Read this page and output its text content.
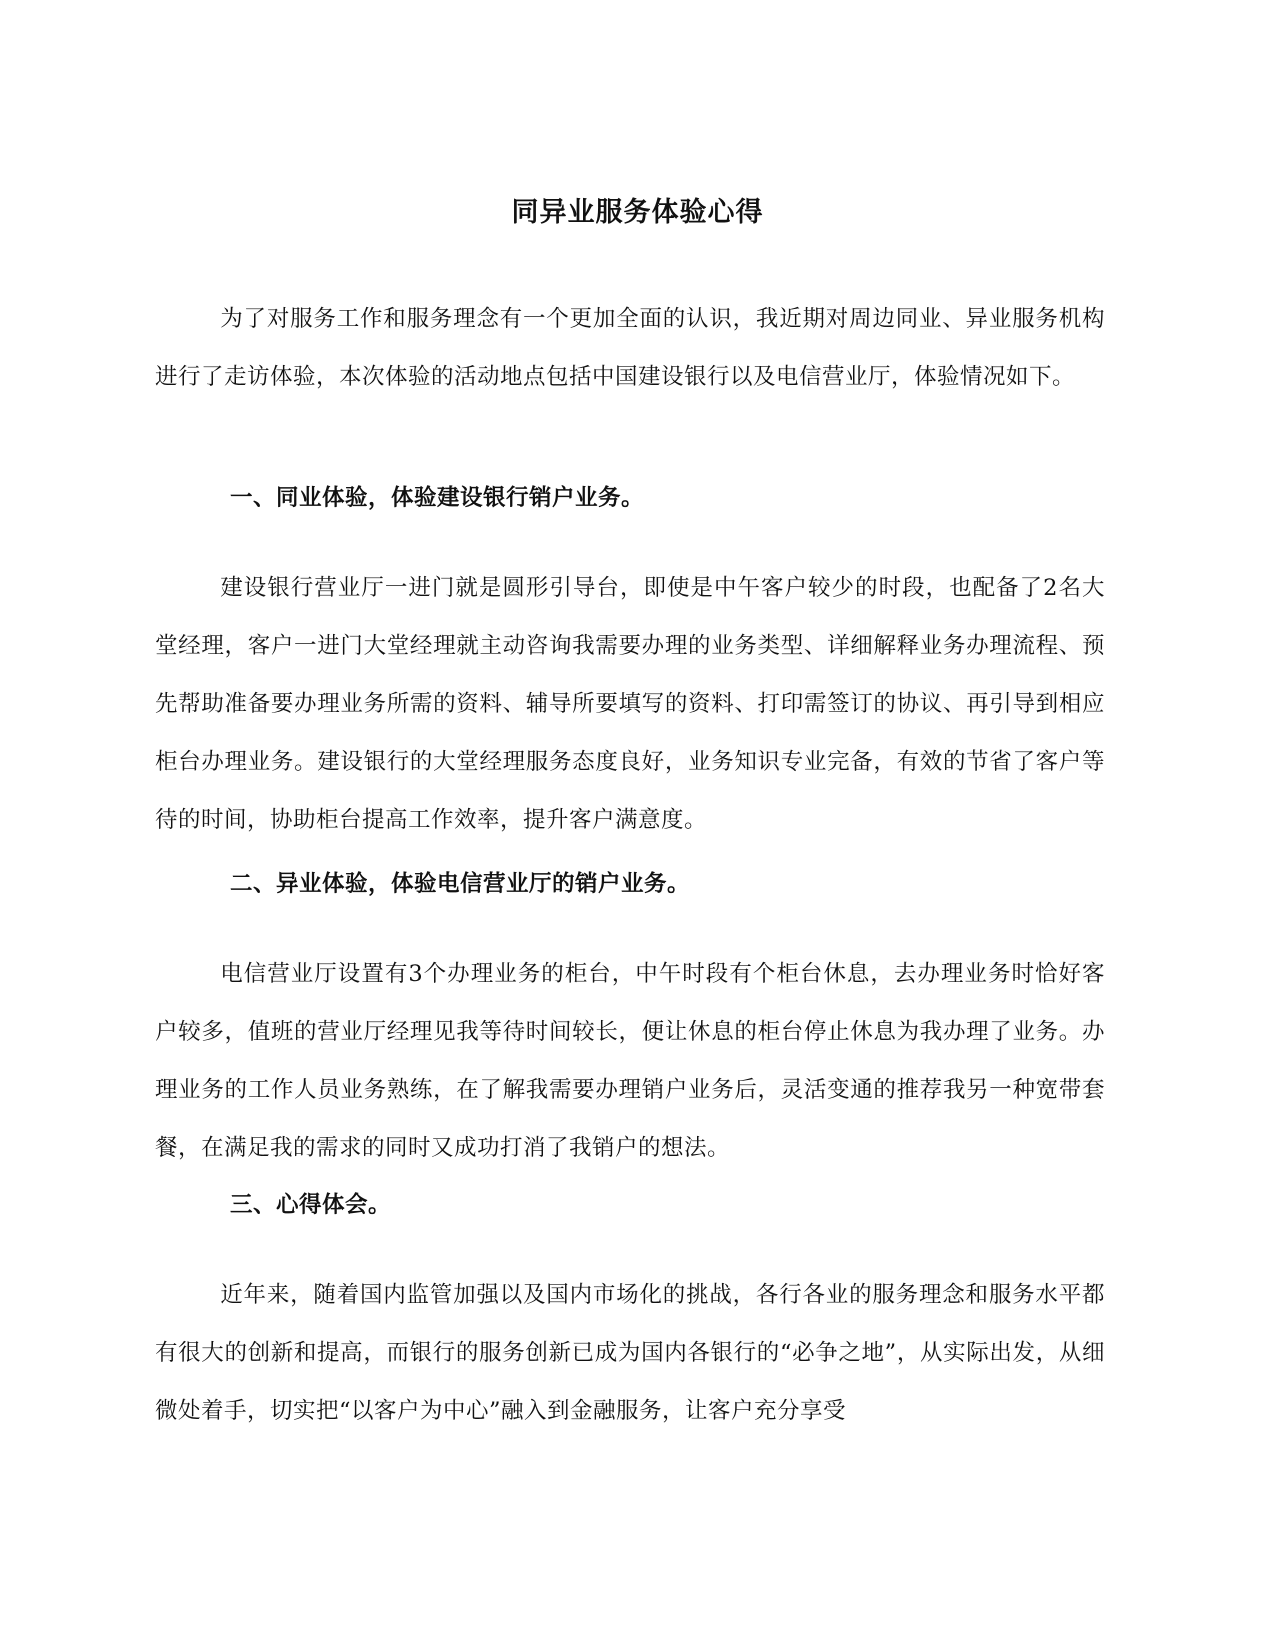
同异业服务体验心得

为了对服务工作和服务理念有一个更加全面的认识，我近期对周边同业、异业服务机构进行了走访体验，本次体验的活动地点包括中国建设银行以及电信营业厅，体验情况如下。

一、同业体验，体验建设银行销户业务。

建设银行营业厅一进门就是圆形引导台，即使是中午客户较少的时段，也配备了2名大堂经理，客户一进门大堂经理就主动咨询我需要办理的业务类型、详细解释业务办理流程、预先帮助准备要办理业务所需的资料、辅导所要填写的资料、打印需签订的协议、再引导到相应柜台办理业务。建设银行的大堂经理服务态度良好，业务知识专业完备，有效的节省了客户等待的时间，协助柜台提高工作效率，提升客户满意度。

二、异业体验，体验电信营业厅的销户业务。

电信营业厅设置有3个办理业务的柜台，中午时段有个柜台休息，去办理业务时恰好客户较多，值班的营业厅经理见我等待时间较长，便让休息的柜台停止休息为我办理了业务。办理业务的工作人员业务熟练，在了解我需要办理销户业务后，灵活变通的推荐我另一种宽带套餐，在满足我的需求的同时又成功打消了我销户的想法。

三、心得体会。

近年来，随着国内监管加强以及国内市场化的挑战，各行各业的服务理念和服务水平都有很大的创新和提高，而银行的服务创新已成为国内各银行的“必争之地”，从实际出发，从细微处着手，切实把“以客户为中心”融入到金融服务，让客户充分享受
